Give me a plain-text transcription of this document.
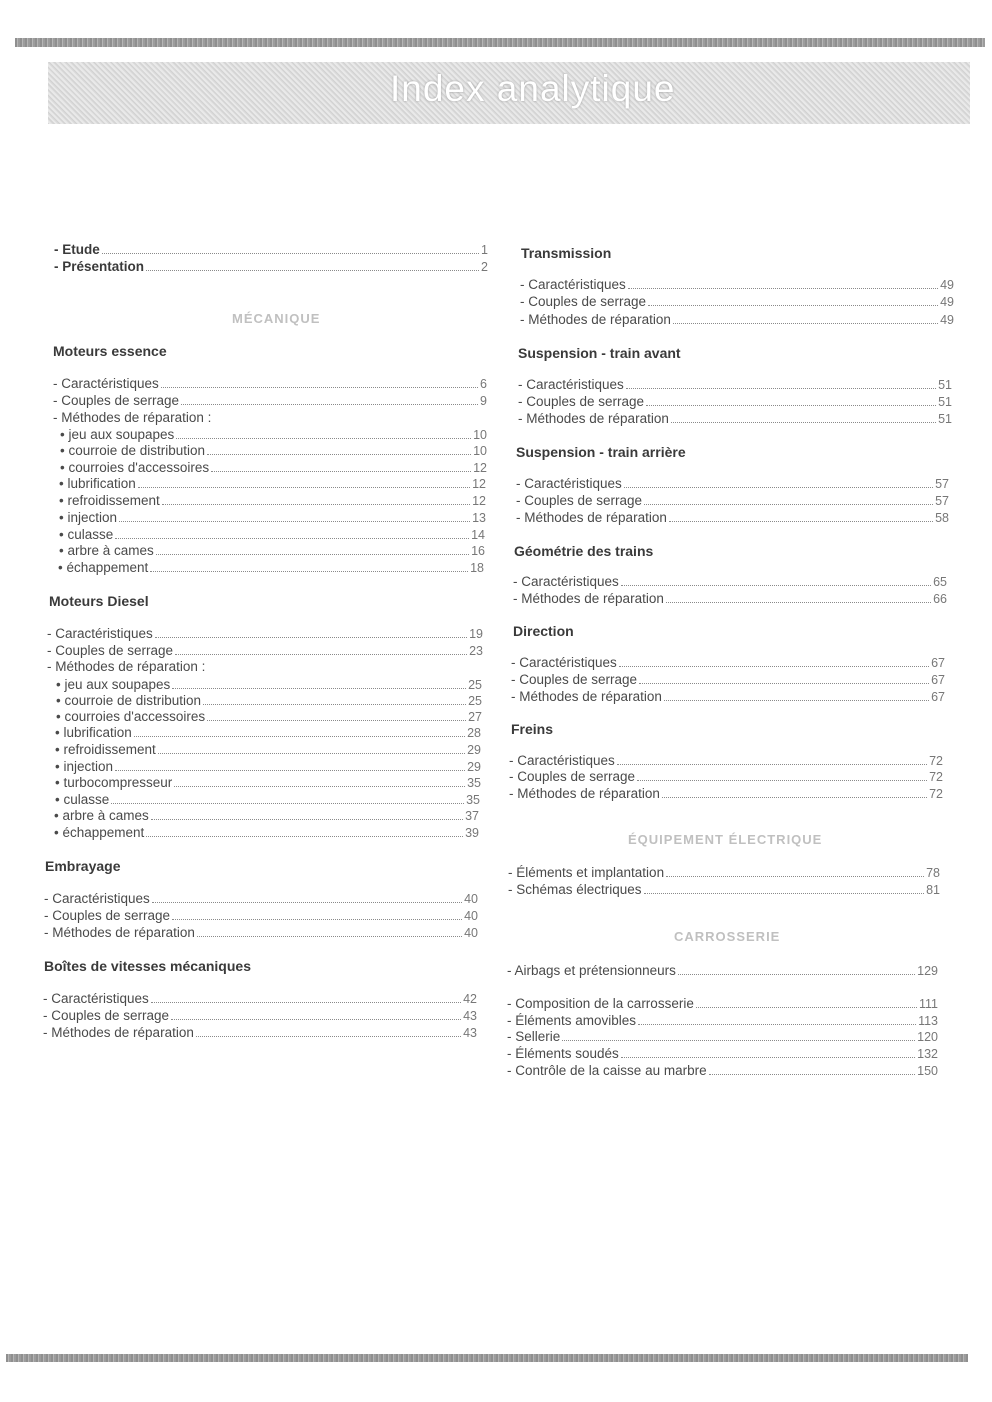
Index analytique
- Etude	1
- Présentation	2
MÉCANIQUE
Moteurs essence
- Caractéristiques	6
- Couples de serrage	9
- Méthodes de réparation :
• jeu aux soupapes	10
• courroie de distribution	10
• courroies d'accessoires	12
• lubrification	12
• refroidissement	12
• injection	13
• culasse	14
• arbre à cames	16
• échappement	18
Moteurs Diesel
- Caractéristiques	19
- Couples de serrage	23
- Méthodes de réparation :
• jeu aux soupapes	25
• courroie de distribution	25
• courroies d'accessoires	27
• lubrification	28
• refroidissement	29
• injection	29
• turbocompresseur	35
• culasse	35
• arbre à cames	37
• échappement	39
Embrayage
- Caractéristiques	40
- Couples de serrage	40
- Méthodes de réparation	40
Boîtes de vitesses mécaniques
- Caractéristiques	42
- Couples de serrage	43
- Méthodes de réparation	43
Transmission
- Caractéristiques	49
- Couples de serrage	49
- Méthodes de réparation	49
Suspension - train avant
- Caractéristiques	51
- Couples de serrage	51
- Méthodes de réparation	51
Suspension - train arrière
- Caractéristiques	57
- Couples de serrage	57
- Méthodes de réparation	58
Géométrie des trains
- Caractéristiques	65
- Méthodes de réparation	66
Direction
- Caractéristiques	67
- Couples de serrage	67
- Méthodes de réparation	67
Freins
- Caractéristiques	72
- Couples de serrage	72
- Méthodes de réparation	72
ÉQUIPEMENT ÉLECTRIQUE
- Éléments et implantation	78
- Schémas électriques	81
CARROSSERIE
- Airbags et prétensionneurs	129
- Composition de la carrosserie	111
- Éléments amovibles	113
- Sellerie	120
- Éléments soudés	132
- Contrôle de la caisse au marbre	150
